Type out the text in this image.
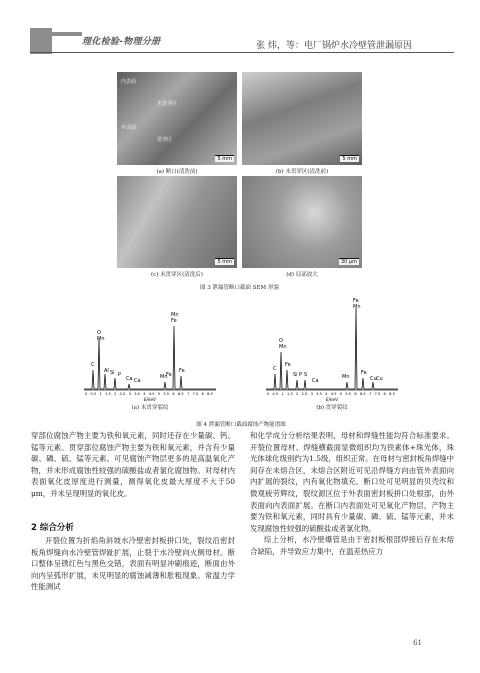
理化检验-物理分册	张 炜，等：电厂锅炉水冷壁管泄漏原因
内表面
未贯穿区
贯穿区
外表面
5 mm
(a) 断口(清洗前)
5 mm
(b) 未贯穿区(清洗前)
5 mm
(c) 未贯穿区(清洗后)
30 μm
(d) 局部放大
图 3 泄漏管断口截面 SEM 形貌
C
O
Mn
Al Si P
Ca Ca
Mn
Fe
Mn
Fe
Fe
0 0.5 1 1.5 2 2.5 3 3.5 4 4.5 5 5.5 6 6.5 7 7.5 8 8.5
E/keV
(a) 未贯穿裂纹
C
O
Mn
Fe
Si P S
Ca
Mn
Fe
Mn
Fe
Cu Cu
0 0.5 1 1.5 2 2.5 3 3.5 4 4.5 5 5.5 6 6.5 7 7.5 8 8.5
E/keV
(b) 贯穿裂纹
图 4 泄漏管断口截面腐蚀产物能谱图

穿部位腐蚀产物主要为铁和氧元素，同时还存在少量碳、钙、锰等元素。贯穿部位腐蚀产物主要为铁和氧元素，并含有少量碳、磷、硫、锰等元素。可见腐蚀产物层更多的是高温氧化产物，并未形成腐蚀性较强的硫酸盐或者氯化腐蚀物。对母材内表面氧化皮厚度进行测量，测得氧化皮最大厚度不大于50 μm，并未呈现明显的氧化皮。

2 综合分析

开裂位置为折焰角斜坡水冷壁密封板拼口处，裂纹沿密封板角焊缝向水冷壁管焊趾扩展，止裂于水冷壁向火侧母材。断口整体呈锈红色与黑色交错，表面有明显冲刷痕迹，断面由外向内呈弧形扩展，未见明显的腐蚀减薄和胀粗现象。常温力学性能测试

和化学成分分析结果表明，母材和焊缝性能均符合标准要求。开裂位置母材、焊缝横截面显微组织均为铁素体+珠光体，珠光体球化级别约为1.5级，组织正常。在母材与密封板角焊缝中间存在未熔合区，未熔合区附近可见沿焊缝方向由管外表面向内扩展的裂纹，内有氧化物填充。断口处可见明显的贝壳纹和微观疲劳辉纹，裂纹源区位于外表面密封板拼口处根部，由外表面向内表面扩展。在断口内表面处可见氧化产物层，产物主要为铁和氧元素，同时具有少量碳、磷、硫、锰等元素，并未发现腐蚀性较强的硫酸盐或者氯化物。

综上分析，水冷壁爆管是由于密封板根部焊接后存在未熔合缺陷，并导致应力集中，在温差热应力

61
